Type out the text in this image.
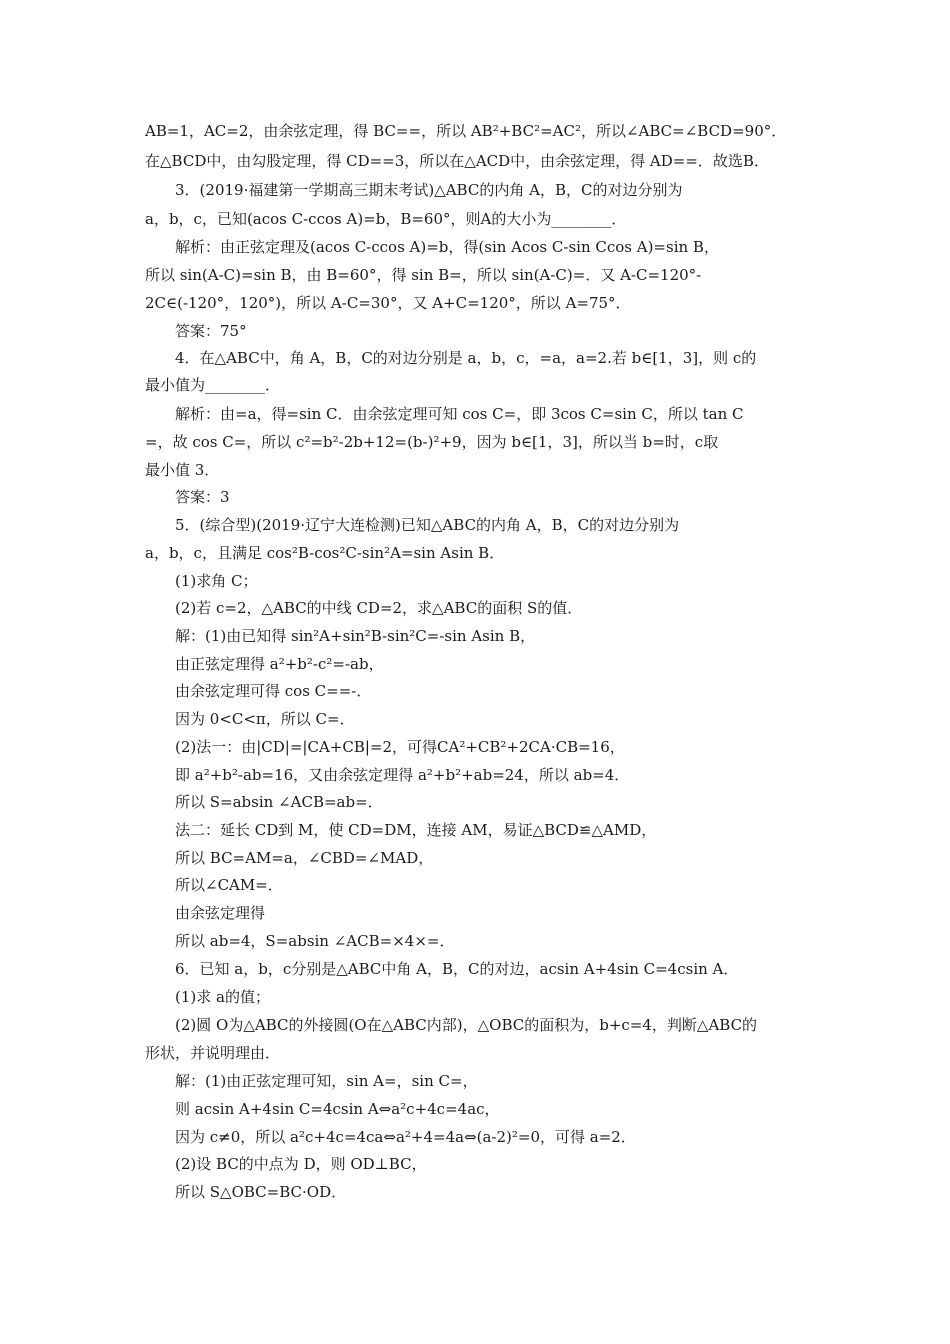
AB=1，AC=2，由余弦定理，得 BC==，所以 AB²+BC²=AC²，所以∠ABC=∠BCD=90°．
在△BCD中，由勾股定理，得 CD==3，所以在△ACD中，由余弦定理，得 AD==．故选B．
3．(2019·福建第一学期高三期末考试)△ABC的内角 A，B，C的对边分别为
a，b，c，已知(acos C-ccos A)=b，B=60°，则A的大小为________．
解析：由正弦定理及(acos C-ccos A)=b，得(sin Acos C-sin Ccos A)=sin B，
所以 sin(A-C)=sin B，由 B=60°，得 sin B=，所以 sin(A-C)=．又 A-C=120°-
2C∈(-120°，120°)，所以 A-C=30°，又 A+C=120°，所以 A=75°．
答案：75°
4．在△ABC中，角 A，B，C的对边分别是 a，b，c，=a，a=2.若 b∈[1，3]，则 c的
最小值为________．
解析：由=a，得=sin C．由余弦定理可知 cos C=，即 3cos C=sin C，所以 tan C
=，故 cos C=，所以 c²=b²-2b+12=(b-)²+9，因为 b∈[1，3]，所以当 b=时，c取
最小值 3．
答案：3
5．(综合型)(2019·辽宁大连检测)已知△ABC的内角 A，B，C的对边分别为
a，b，c，且满足 cos²B-cos²C-sin²A=sin Asin B．
(1)求角 C；
(2)若 c=2，△ABC的中线 CD=2，求△ABC的面积 S的值．
解：(1)由已知得 sin²A+sin²B-sin²C=-sin Asin B，
由正弦定理得 a²+b²-c²=-ab，
由余弦定理可得 cos C==-．
因为 0<C<π，所以 C=．
(2)法一：由|CD|=|CA+CB|=2，可得CA²+CB²+2CA·CB=16，
即 a²+b²-ab=16，又由余弦定理得 a²+b²+ab=24，所以 ab=4．
所以 S=absin ∠ACB=ab=．
法二：延长 CD到 M，使 CD=DM，连接 AM，易证△BCD≌△AMD，
所以 BC=AM=a，∠CBD=∠MAD，
所以∠CAM=．
由余弦定理得
所以 ab=4，S=absin ∠ACB=×4×=．
6．已知 a，b，c分别是△ABC中角 A，B，C的对边，acsin A+4sin C=4csin A．
(1)求 a的值；
(2)圆 O为△ABC的外接圆(O在△ABC内部)，△OBC的面积为，b+c=4，判断△ABC的
形状，并说明理由．
解：(1)由正弦定理可知，sin A=，sin C=，
则 acsin A+4sin C=4csin A⇔a²c+4c=4ac，
因为 c≠0，所以 a²c+4c=4ca⇔a²+4=4a⇔(a-2)²=0，可得 a=2．
(2)设 BC的中点为 D，则 OD⊥BC，
所以 S△OBC=BC·OD．
